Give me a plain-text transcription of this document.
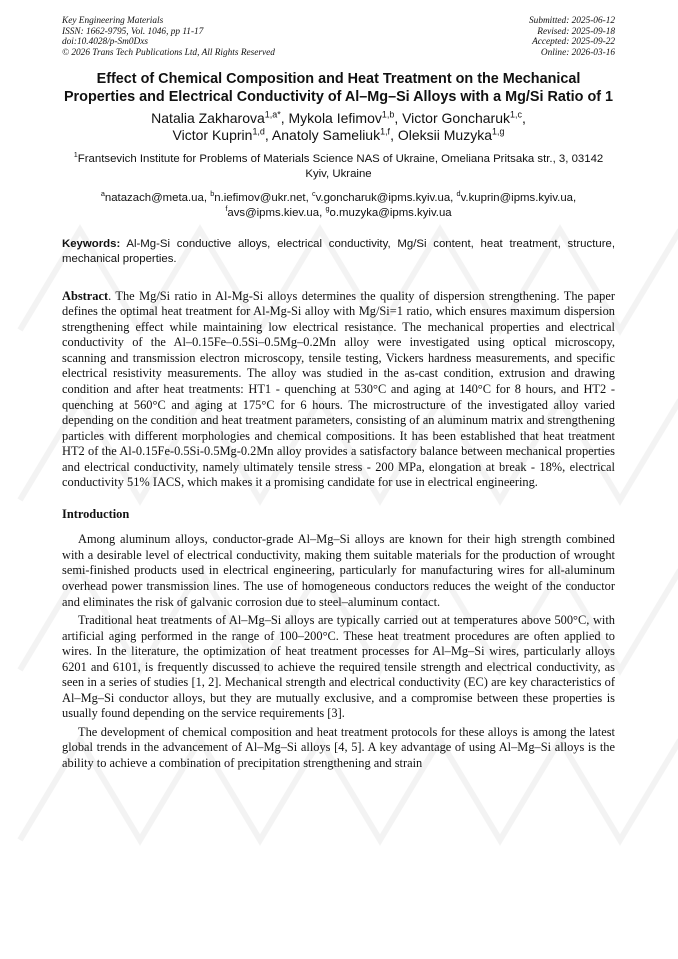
Key Engineering Materials
ISSN: 1662-9795, Vol. 1046, pp 11-17
doi:10.4028/p-Sm0Dxs
© 2026 Trans Tech Publications Ltd, All Rights Reserved
Submitted: 2025-06-12
Revised: 2025-09-18
Accepted: 2025-09-22
Online: 2026-03-16
Effect of Chemical Composition and Heat Treatment on the Mechanical Properties and Electrical Conductivity of Al–Mg–Si Alloys with a Mg/Si Ratio of 1
Natalia Zakharova$^{1,a*}$, Mykola Iefimov$^{1,b}$, Victor Goncharuk$^{1,c}$,
Victor Kuprin$^{1,d}$, Anatoly Sameliuk$^{1,f}$, Oleksii Muzyka$^{1,g}$
$^1$Frantsevich Institute for Problems of Materials Science NAS of Ukraine, Omeliana Pritsaka str., 3, 03142 Kyiv, Ukraine
$^a$natazach@meta.ua, $^b$n.iefimov@ukr.net, $^c$v.goncharuk@ipms.kyiv.ua, $^d$v.kuprin@ipms.kyiv.ua,
$^f$avs@ipms.kiev.ua, $^g$o.muzyka@ipms.kyiv.ua
Keywords: Al-Mg-Si conductive alloys, electrical conductivity, Mg/Si content, heat treatment, structure, mechanical properties.
Abstract. The Mg/Si ratio in Al-Mg-Si alloys determines the quality of dispersion strengthening. The paper defines the optimal heat treatment for Al-Mg-Si alloy with Mg/Si=1 ratio, which ensures maximum dispersion strengthening effect while maintaining low electrical resistance. The mechanical properties and electrical conductivity of the Al–0.15Fe–0.5Si–0.5Mg–0.2Mn alloy were investigated using optical microscopy, scanning and transmission electron microscopy, tensile testing, Vickers hardness measurements, and specific electrical resistivity measurements. The alloy was studied in the as-cast condition, extrusion and drawing condition and after heat treatments: HT1 - quenching at 530°C and aging at 140°C for 8 hours, and HT2 - quenching at 560°C and aging at 175°C for 6 hours. The microstructure of the investigated alloy varied depending on the condition and heat treatment parameters, consisting of an aluminum matrix and strengthening particles with different morphologies and chemical compositions. It has been established that heat treatment HT2 of the Al-0.15Fe-0.5Si-0.5Mg-0.2Mn alloy provides a satisfactory balance between mechanical properties and electrical conductivity, namely ultimately tensile stress - 200 MPa, elongation at break - 18%, electrical conductivity 51% IACS, which makes it a promising candidate for use in electrical engineering.
Introduction

Among aluminum alloys, conductor-grade Al–Mg–Si alloys are known for their high strength combined with a desirable level of electrical conductivity, making them suitable materials for the production of wrought semi-finished products used in electrical engineering, particularly for manufacturing wires for all-aluminum overhead power transmission lines. The use of homogeneous conductors reduces the weight of the conductor and eliminates the risk of galvanic corrosion due to steel–aluminum contact.

Traditional heat treatments of Al–Mg–Si alloys are typically carried out at temperatures above 500°C, with artificial aging performed in the range of 100–200°C. These heat treatment procedures are often applied to wires. In the literature, the optimization of heat treatment processes for Al–Mg–Si wires, particularly alloys 6201 and 6101, is frequently discussed to achieve the required tensile strength and electrical conductivity, as seen in a series of studies [1, 2]. Mechanical strength and electrical conductivity (EC) are key characteristics of Al–Mg–Si conductor alloys, but they are mutually exclusive, and a compromise between these properties is usually found depending on the service requirements [3].

The development of chemical composition and heat treatment protocols for these alloys is among the latest global trends in the advancement of Al–Mg–Si alloys [4, 5]. A key advantage of using Al–Mg–Si alloys is the ability to achieve a combination of precipitation strengthening and strain
